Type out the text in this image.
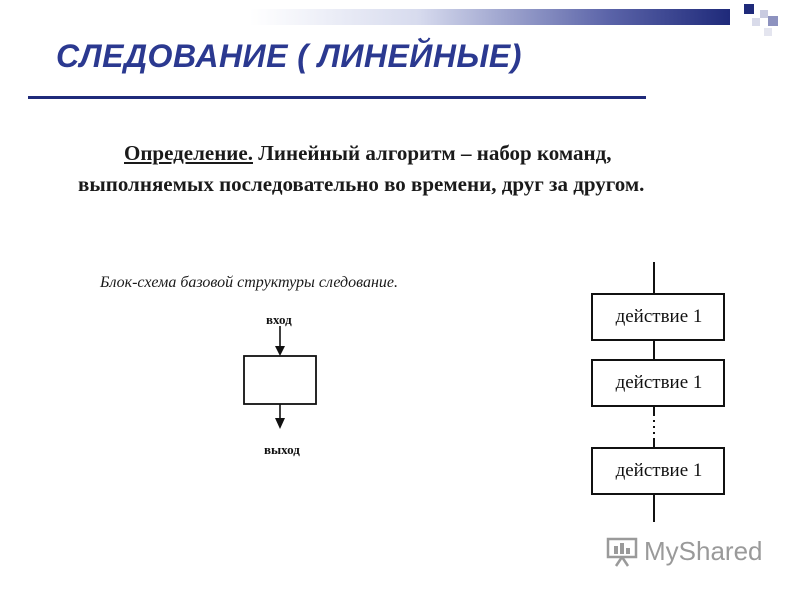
СЛЕДОВАНИЕ ( ЛИНЕЙНЫЕ)
Определение. Линейный алгоритм – набор команд,
выполняемых последовательно во времени, друг за другом.
Блок-схема базовой структуры следование.
вход
выход
действие 1
действие 1
действие 1
MyShared
